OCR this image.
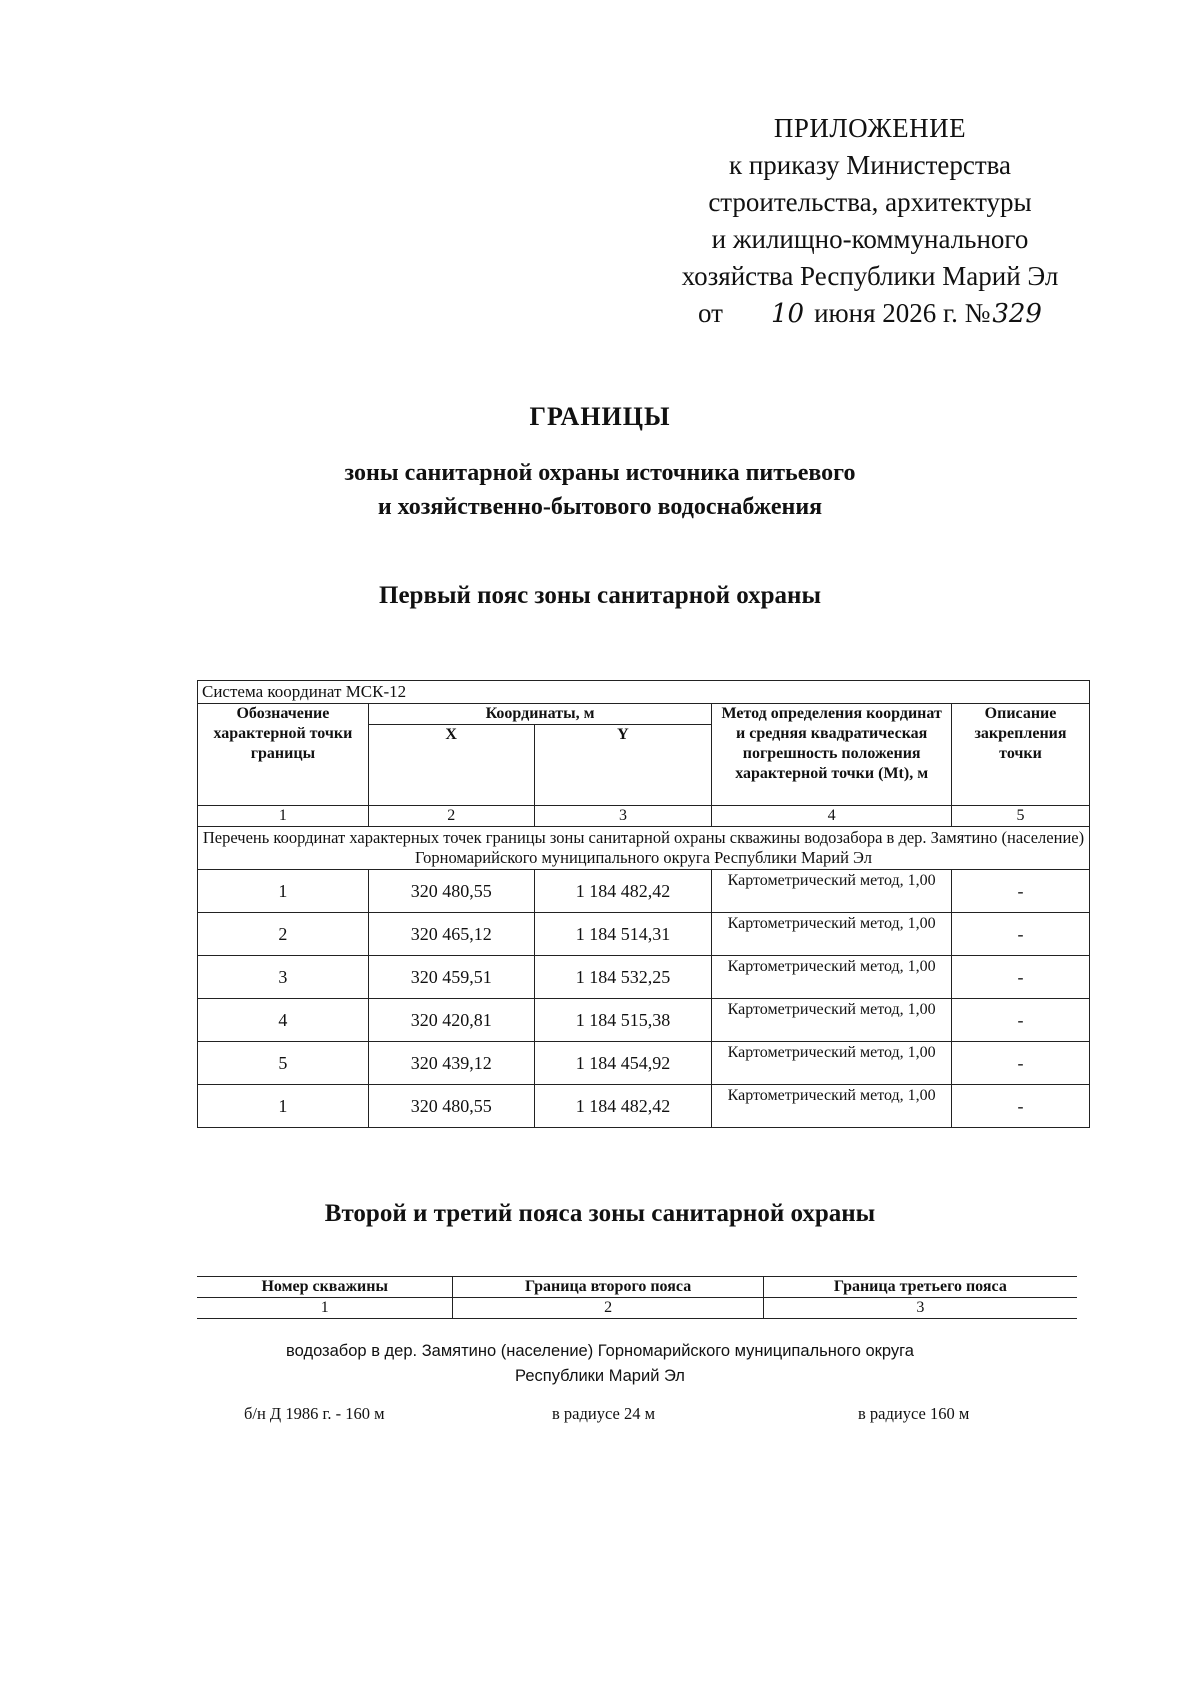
ПРИЛОЖЕНИЕ
к приказу Министерства
строительства, архитектуры
и жилищно-коммунального
хозяйства Республики Марий Эл
от 10 июня 2026 г. № 329
ГРАНИЦЫ
зоны санитарной охраны источника питьевого
и хозяйственно-бытового водоснабжения
Первый пояс зоны санитарной охраны
Система координат МСК-12				
Обозначение характерной точки границы	Координаты, м		Метод определения координат и средняя квадратическая погрешность положения характерной точки (Mt), м	Описание закрепления точки
	X	Y		
1	2	3	4	5
Перечень координат характерных точек границы зоны санитарной охраны скважины водозабора в дер. Замятино (население) Горномарийского муниципального округа Республики Марий Эл				
1	320 480,55	1 184 482,42	Картометрический метод, 1,00	-
2	320 465,12	1 184 514,31	Картометрический метод, 1,00	-
3	320 459,51	1 184 532,25	Картометрический метод, 1,00	-
4	320 420,81	1 184 515,38	Картометрический метод, 1,00	-
5	320 439,12	1 184 454,92	Картометрический метод, 1,00	-
1	320 480,55	1 184 482,42	Картометрический метод, 1,00	-
Второй и третий пояса зоны санитарной охраны
Номер скважины	Граница второго пояса	Граница третьего пояса
1	2	3
водозабор в дер. Замятино (население) Горномарийского муниципального округа Республики Марий Эл
б/н Д 1986 г. - 160 м	в радиусе 24 м	в радиусе 160 м
